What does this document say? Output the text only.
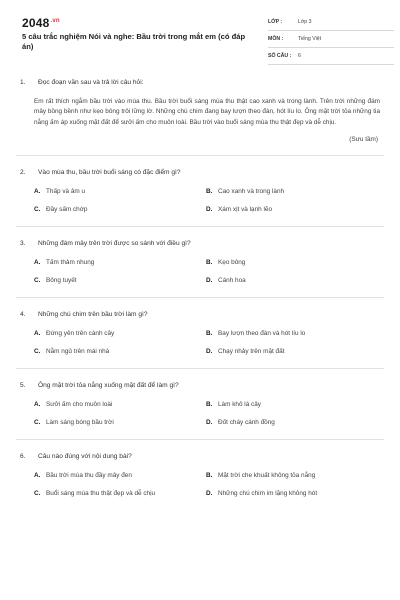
$2048^{.vn}$
5 câu trắc nghiệm Nói và nghe: Bầu trời trong mắt em (có đáp án)
LỚP :	Lớp 3
MÔN :	Tiếng Việt
SỐ CÂU :	6
1.	Đọc đoạn văn sau và trả lời câu hỏi:
Em rất thích ngắm bầu trời vào mùa thu. Bầu trời buổi sáng mùa thu thật cao xanh và trong lành. Trên trời những đám mây bồng bềnh như kẹo bông trôi lững lờ. Những chú chim đang bay lượn theo đàn, hót líu lo. Ông mặt trời tỏa những tia nắng ấm áp xuống mặt đất để sưởi ấm cho muôn loài. Bầu trời vào buổi sáng mùa thu thật đẹp và dễ chịu.
(Sưu tầm)
2.	Vào mùa thu, bầu trời buổi sáng có đặc điểm gì?
A. Thấp và âm u	B. Cao xanh và trong lành
C. Đầy sấm chớp	D. Xám xịt và lạnh lẽo
3.	Những đám mây trên trời được so sánh với điều gì?
A. Tấm thảm nhung	B. Kẹo bông
C. Bông tuyết	D. Cánh hoa
4.	Những chú chim trên bầu trời làm gì?
A. Đứng yên trên cành cây	B. Bay lượn theo đàn và hót líu lo
C. Nằm ngủ trên mái nhà	D. Chạy nhảy trên mặt đất
5.	Ông mặt trời tỏa nắng xuống mặt đất để làm gì?
A. Sưởi ấm cho muôn loài	B. Làm khô lá cây
C. Làm sáng bóng bầu trời	D. Đốt cháy cánh đồng
6.	Câu nào đúng với nội dung bài?
A. Bầu trời mùa thu đầy mây đen	B. Mặt trời che khuất không tỏa nắng
C. Buổi sáng mùa thu thật đẹp và dễ chịu	D. Những chú chim im lặng không hót
